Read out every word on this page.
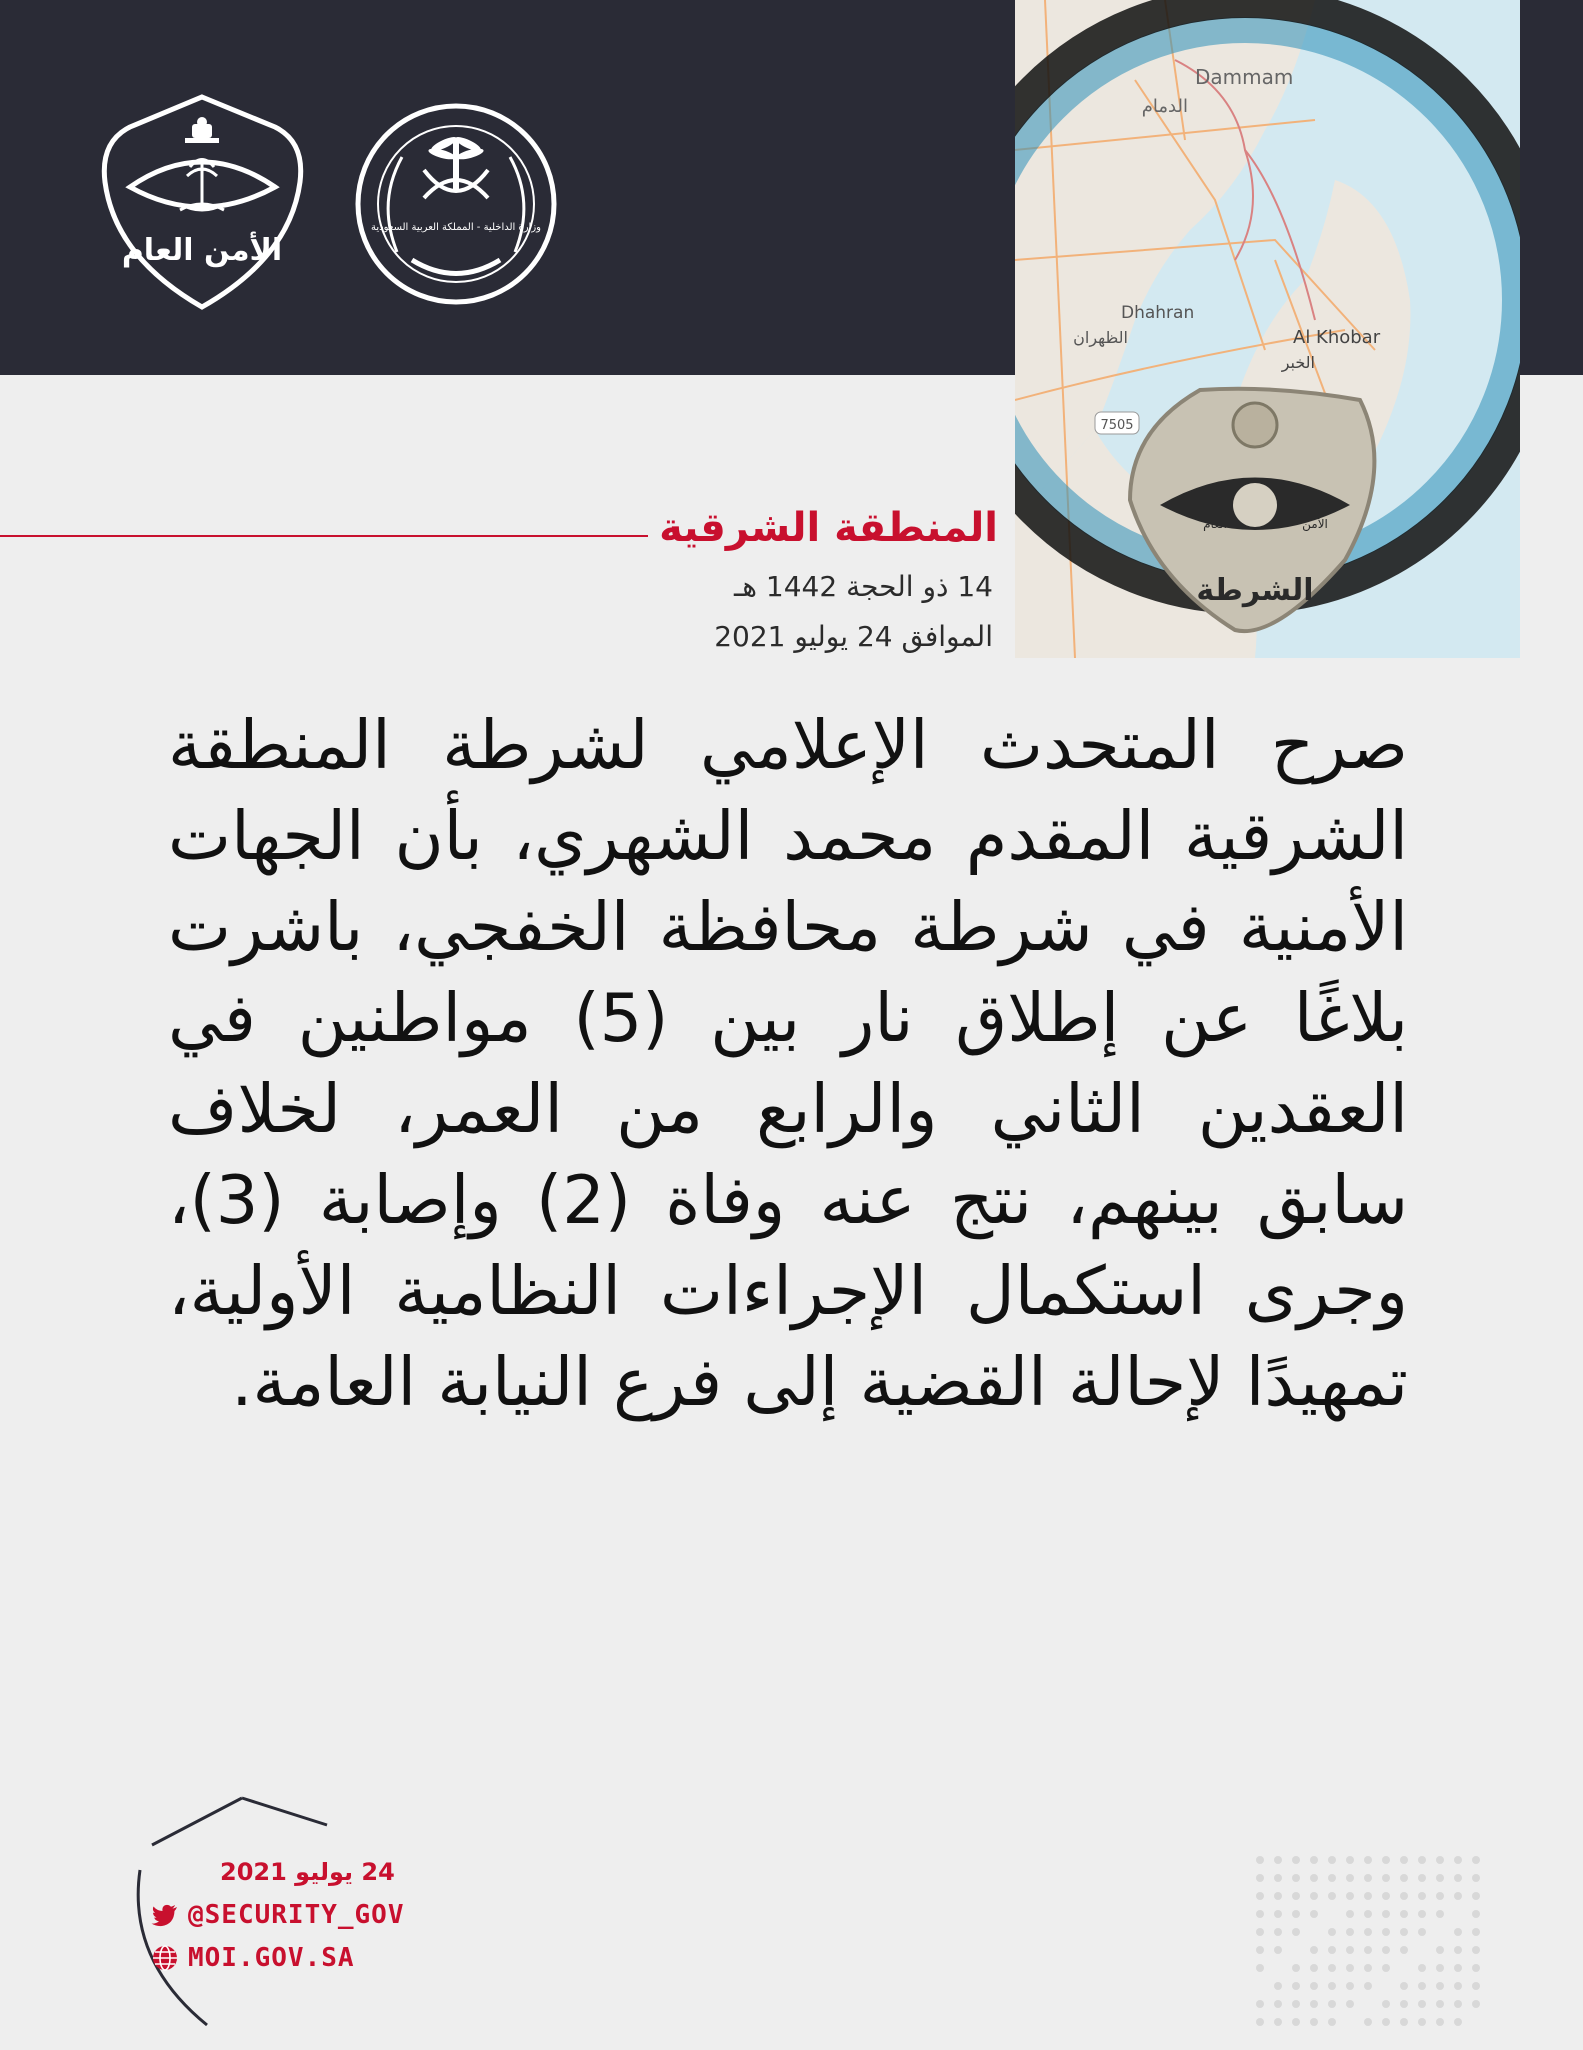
الأمن العام
وزارة الداخلية - المملكة العربية السعودية
Dammam
الدمام
Dhahran
الظهران	Al Khobar
الخبر
7505
العام	الأمن
الشرطة
المنطقة الشرقية
14 ذو الحجة 1442 هـ
الموافق 24 يوليو 2021
صرح المتحدث الإعلامي لشرطة المنطقة الشرقية المقدم محمد الشهري، بأن الجهات الأمنية في شرطة محافظة الخفجي، باشرت بلاغًا عن إطلاق نار بين (5) مواطنين في العقدين الثاني والرابع من العمر، لخلاف سابق بينهم، نتج عنه وفاة (2) وإصابة (3)، وجرى استكمال الإجراءات النظامية الأولية، تمهيدًا لإحالة القضية إلى فرع النيابة العامة.
24 يوليو 2021
@SECURITY_GOV
MOI.GOV.SA
